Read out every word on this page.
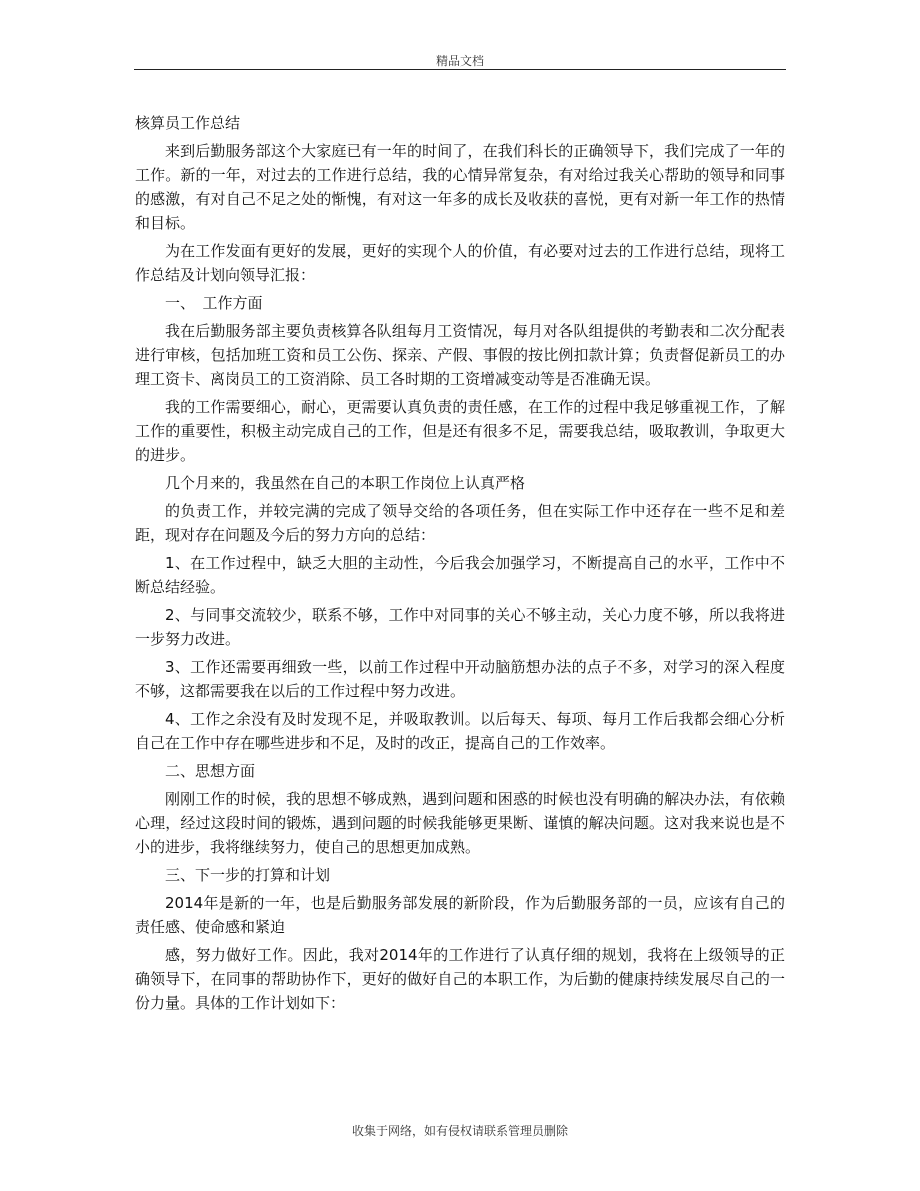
精品文档
核算员工作总结

来到后勤服务部这个大家庭已有一年的时间了，在我们科长的正确领导下，我们完成了一年的工作。新的一年，对过去的工作进行总结，我的心情异常复杂，有对给过我关心帮助的领导和同事的感激，有对自己不足之处的惭愧，有对这一年多的成长及收获的喜悦，更有对新一年工作的热情和目标。

为在工作发面有更好的发展，更好的实现个人的价值，有必要对过去的工作进行总结，现将工作总结及计划向领导汇报：

一、　工作方面

我在后勤服务部主要负责核算各队组每月工资情况，每月对各队组提供的考勤表和二次分配表进行审核，包括加班工资和员工公伤、探亲、产假、事假的按比例扣款计算；负责督促新员工的办理工资卡、离岗员工的工资消除、员工各时期的工资增减变动等是否准确无误。

我的工作需要细心，耐心，更需要认真负责的责任感，在工作的过程中我足够重视工作，了解工作的重要性，积极主动完成自己的工作，但是还有很多不足，需要我总结，吸取教训，争取更大的进步。

几个月来的，我虽然在自己的本职工作岗位上认真严格

的负责工作，并较完满的完成了领导交给的各项任务，但在实际工作中还存在一些不足和差距，现对存在问题及今后的努力方向的总结：

1、在工作过程中，缺乏大胆的主动性，今后我会加强学习，不断提高自己的水平，工作中不断总结经验。

2、与同事交流较少，联系不够，工作中对同事的关心不够主动，关心力度不够，所以我将进一步努力改进。

3、工作还需要再细致一些，以前工作过程中开动脑筋想办法的点子不多，对学习的深入程度不够，这都需要我在以后的工作过程中努力改进。

4、工作之余没有及时发现不足，并吸取教训。以后每天、每项、每月工作后我都会细心分析自己在工作中存在哪些进步和不足，及时的改正，提高自己的工作效率。

二、思想方面

刚刚工作的时候，我的思想不够成熟，遇到问题和困惑的时候也没有明确的解决办法，有依赖心理，经过这段时间的锻炼，遇到问题的时候我能够更果断、谨慎的解决问题。这对我来说也是不小的进步，我将继续努力，使自己的思想更加成熟。

三、下一步的打算和计划

2014年是新的一年，也是后勤服务部发展的新阶段，作为后勤服务部的一员，应该有自己的责任感、使命感和紧迫

感，努力做好工作。因此，我对2014年的工作进行了认真仔细的规划，我将在上级领导的正确领导下，在同事的帮助协作下，更好的做好自己的本职工作，为后勤的健康持续发展尽自己的一份力量。具体的工作计划如下：

收集于网络，如有侵权请联系管理员删除
